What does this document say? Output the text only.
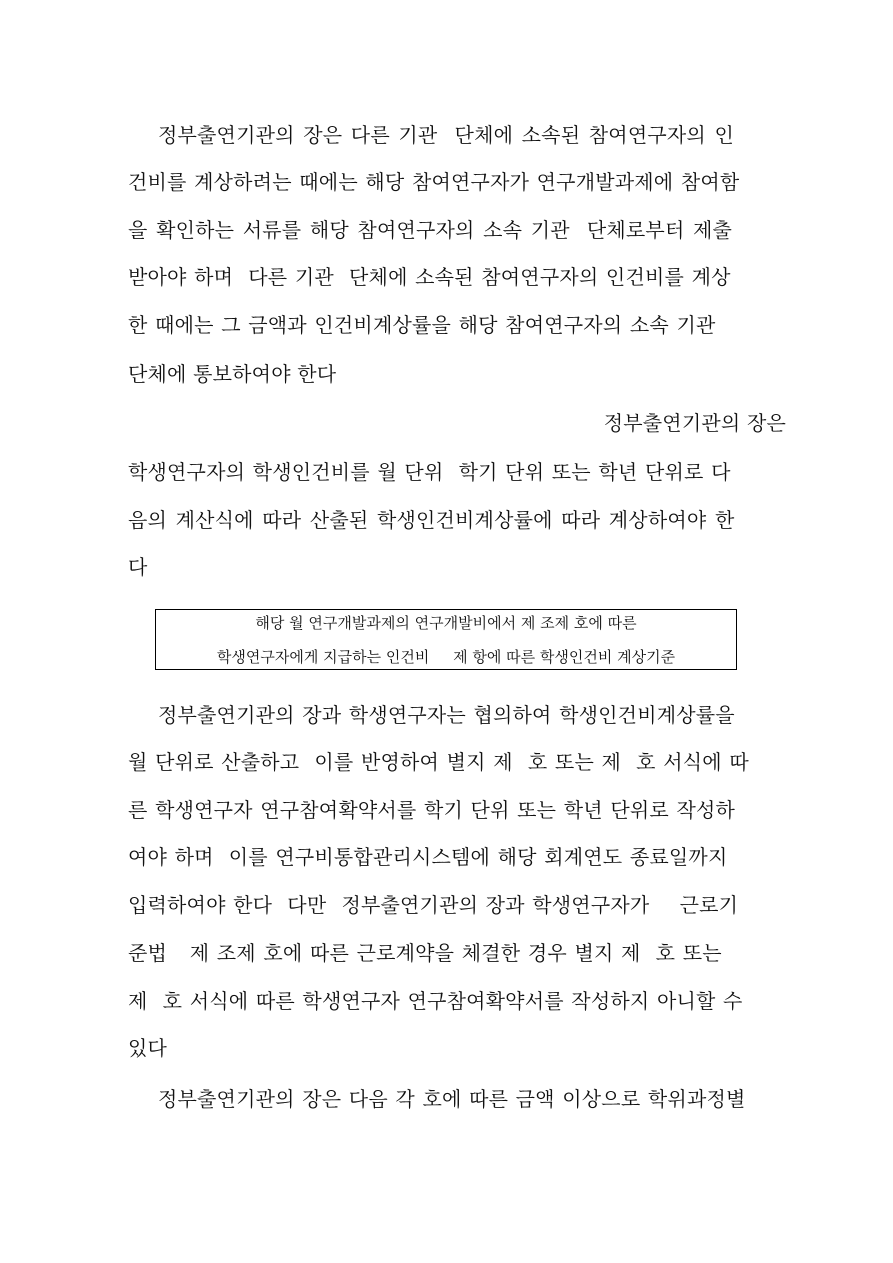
정부출연기관의 장은 다른 기관  단체에 소속된 참여연구자의 인
건비를 계상하려는 때에는 해당 참여연구자가 연구개발과제에 참여함
을 확인하는 서류를 해당 참여연구자의 소속 기관  단체로부터 제출
받아야 하며  다른 기관  단체에 소속된 참여연구자의 인건비를 계상
한 때에는 그 금액과 인건비계상률을 해당 참여연구자의 소속 기관
단체에 통보하여야 한다
정부출연기관의 장은
학생연구자의 학생인건비를 월 단위  학기 단위 또는 학년 단위로 다
음의 계산식에 따라 산출된 학생인건비계상률에 따라 계상하여야 한
다
해당 월 연구개발과제의 연구개발비에서 제 조제 호에 따른
학생연구자에게 지급하는 인건비     제 항에 따른 학생인건비 계상기준
정부출연기관의 장과 학생연구자는 협의하여 학생인건비계상률을
월 단위로 산출하고  이를 반영하여 별지 제  호 또는 제  호 서식에 따
른 학생연구자 연구참여확약서를 학기 단위 또는 학년 단위로 작성하
여야 하며  이를 연구비통합관리시스템에 해당 회계연도 종료일까지
입력하여야 한다  다만  정부출연기관의 장과 학생연구자가    근로기
준법   제 조제 호에 따른 근로계약을 체결한 경우 별지 제  호 또는
제  호 서식에 따른 학생연구자 연구참여확약서를 작성하지 아니할 수
있다
정부출연기관의 장은 다음 각 호에 따른 금액 이상으로 학위과정별
